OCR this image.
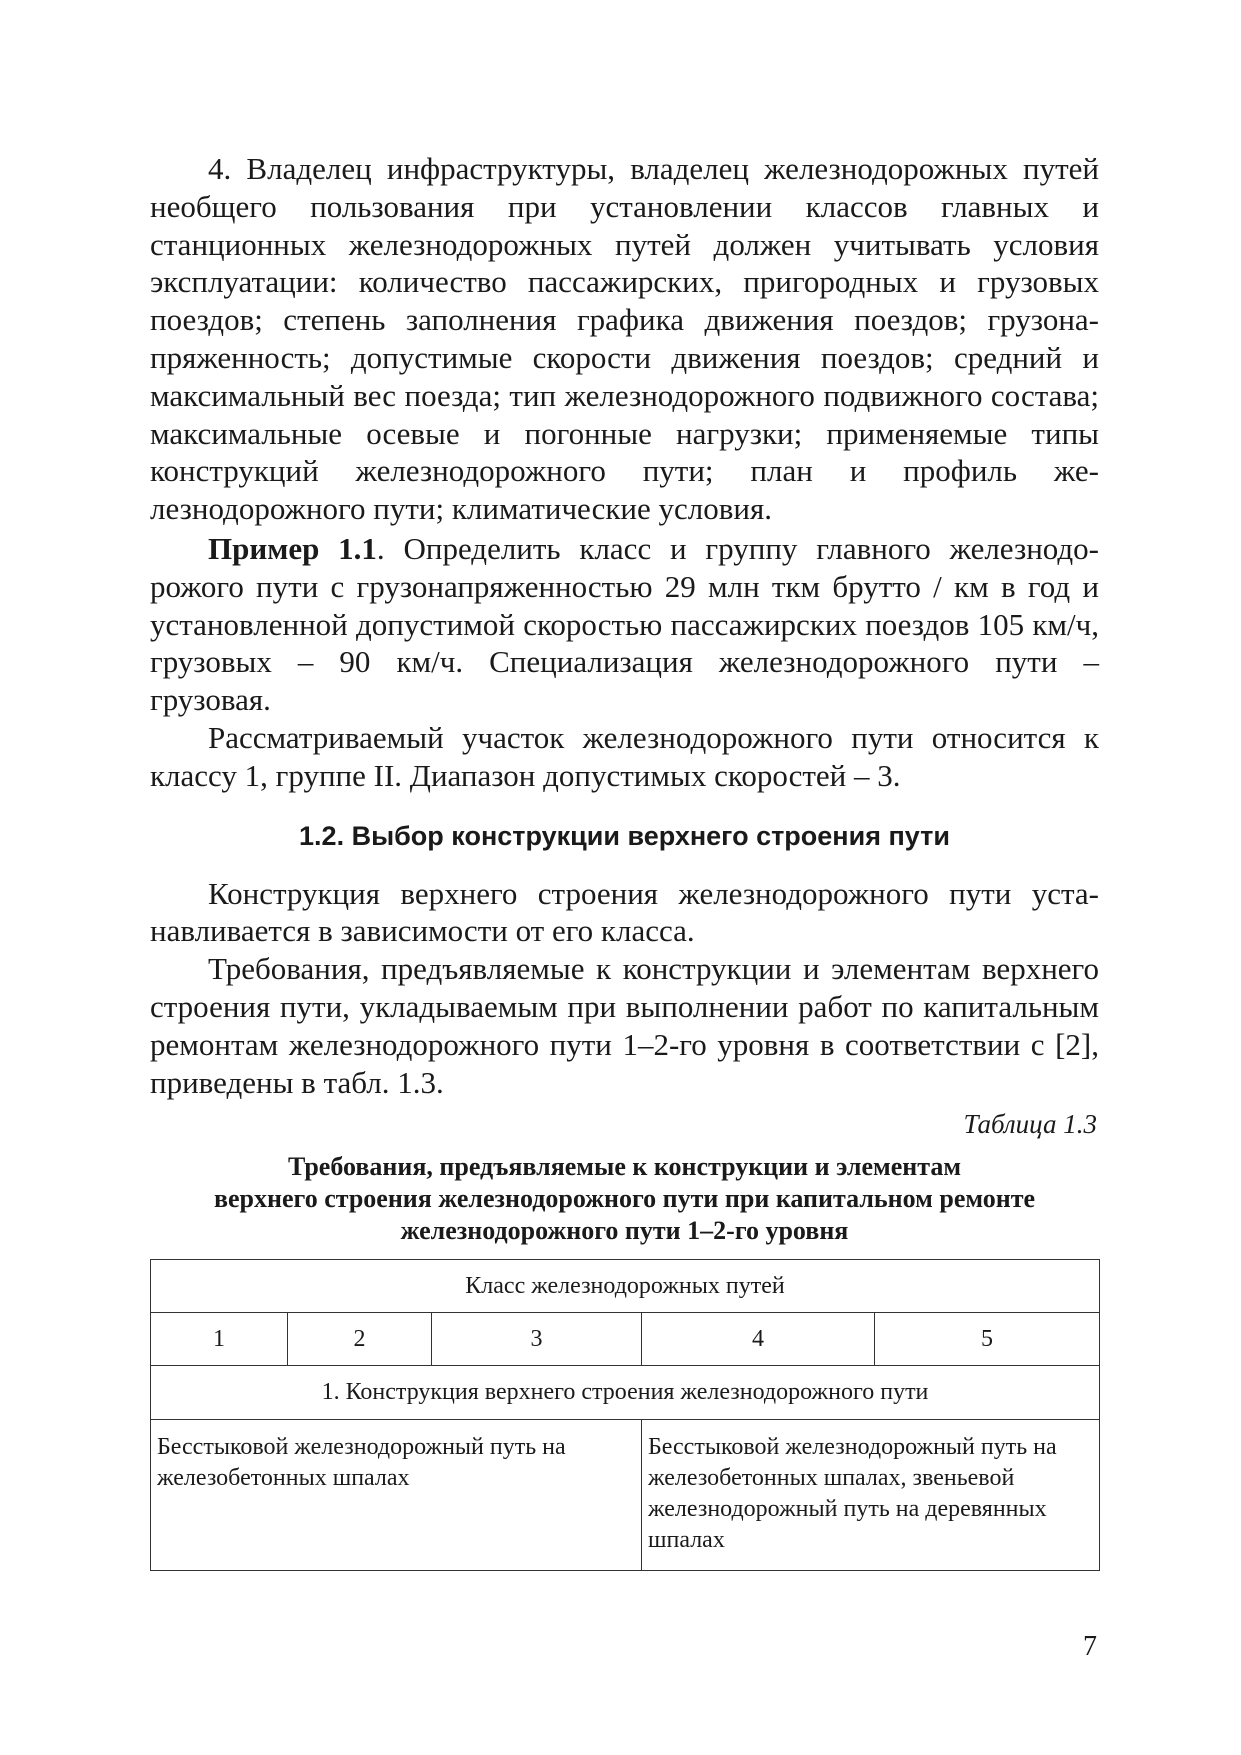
4. Владелец инфраструктуры, владелец железнодорожных путей необщего пользования при установлении классов главных и станционных железнодорожных путей должен учитывать условия эксплуатации: количество пассажирских, пригородных и грузовых поездов; степень заполнения графика движения поездов; грузонапряженность; допустимые скорости движения поездов; средний и максимальный вес поезда; тип железнодорожного подвижного состава; максимальные осевые и погонные нагрузки; применяемые типы конструкций железнодорожного пути; план и профиль железнодорожного пути; климатические условия.

Пример 1.1. Определить класс и группу главного железнодорожого пути с грузонапряженностью 29 млн ткм брутто / км в год и установленной допустимой скоростью пассажирских поездов 105 км/ч, грузовых – 90 км/ч. Специализация железнодорожного пути – грузовая.

Рассматриваемый участок железнодорожного пути относится к классу 1, группе II. Диапазон допустимых скоростей – 3.

1.2. Выбор конструкции верхнего строения пути

Конструкция верхнего строения железнодорожного пути устанавливается в зависимости от его класса.

Требования, предъявляемые к конструкции и элементам верхнего строения пути, укладываемым при выполнении работ по капитальным ремонтам железнодорожного пути 1–2-го уровня в соответствии с [2], приведены в табл. 1.3.

Таблица 1.3
Требования, предъявляемые к конструкции и элементам
верхнего строения железнодорожного пути при капитальном ремонте
железнодорожного пути 1–2-го уровня
Класс железнодорожных путей				
1	2	3	4	5
1. Конструкция верхнего строения железнодорожного пути				
Бесстыковой железнодорожный путь на железобетонных шпалах			Бесстыковой железнодорожный путь на железобетонных шпалах, звеньевой железнодорожный путь на деревянных шпалах	
7
